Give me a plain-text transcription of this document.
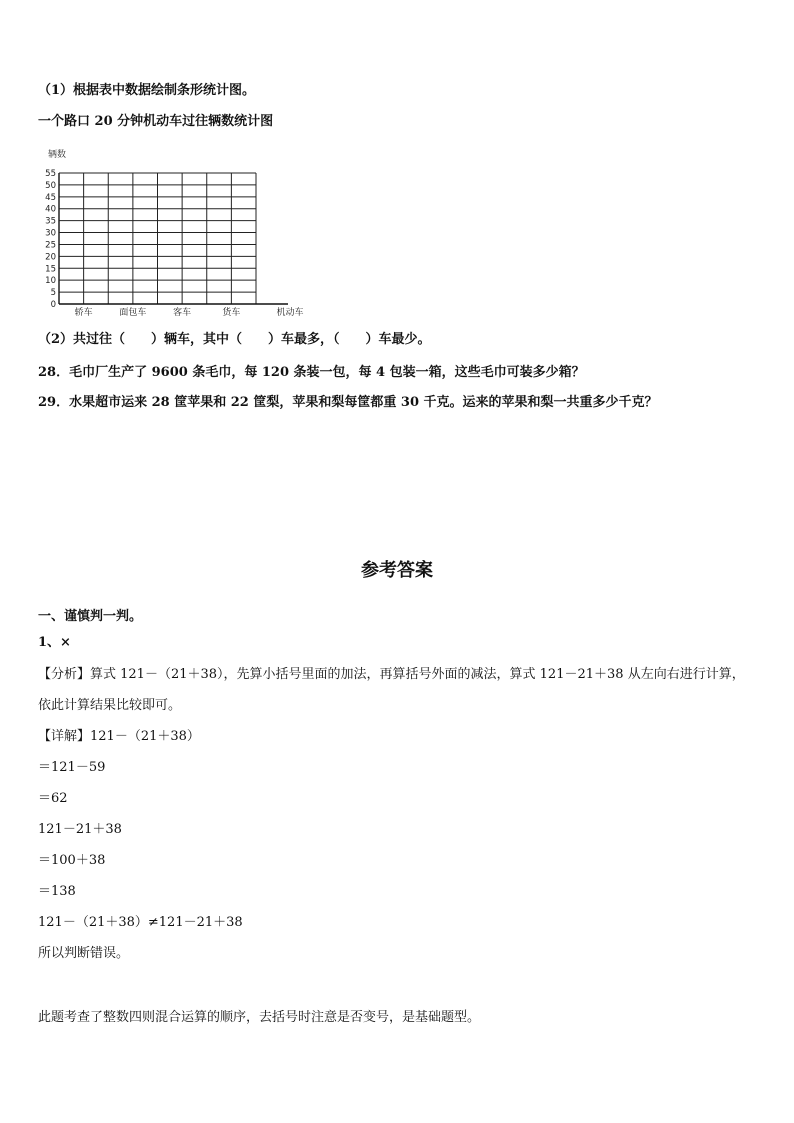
（1）根据表中数据绘制条形统计图。
一个路口 20 分钟机动车过往辆数统计图
辆数
0
5
10
15
20
25
30
35
40
45
50
55
轿车	面包车	客车	货车	机动车
（2）共过往（　　）辆车，其中（　　）车最多，（　　）车最少。
28．毛巾厂生产了 9600 条毛巾，每 120 条装一包，每 4 包装一箱，这些毛巾可装多少箱？
29．水果超市运来 28 筐苹果和 22 筐梨，苹果和梨每筐都重 30 千克。运来的苹果和梨一共重多少千克？
参考答案
一、谨慎判一判。
1、×
【分析】算式 121－（21＋38），先算小括号里面的加法，再算括号外面的减法，算式 121－21＋38 从左向右进行计算，
依此计算结果比较即可。
【详解】121－（21＋38）
＝121－59
＝62
121－21＋38
＝100＋38
＝138
121－（21＋38）≠121－21＋38
所以判断错误。
此题考查了整数四则混合运算的顺序，去括号时注意是否变号，是基础题型。
